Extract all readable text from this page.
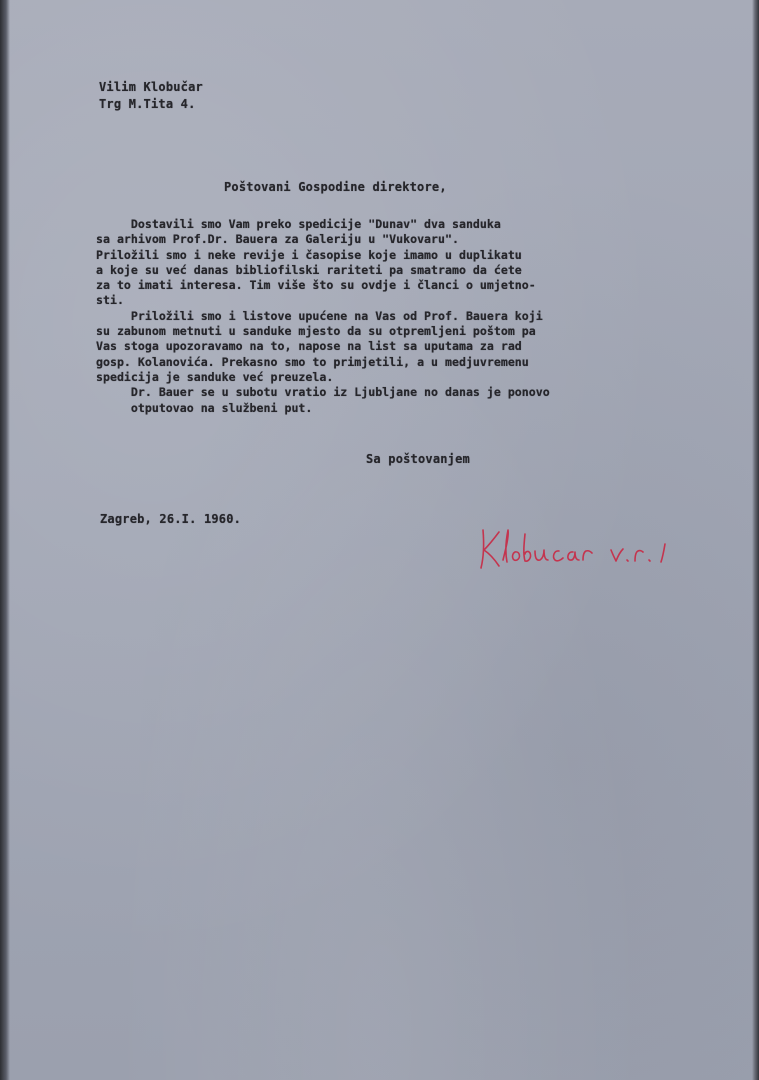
Vilim Klobučar
Trg M.Tita 4.
Poštovani Gospodine direktore,
Dostavili smo Vam preko spedicije "Dunav" dva sanduka
sa arhivom Prof.Dr. Bauera za Galeriju u "Vukovaru".
Priložili smo i neke revije i časopise koje imamo u duplikatu
a koje su već danas bibliofilski rariteti pa smatramo da ćete
za to imati interesa. Tim više što su ovdje i članci o umjetno-
sti.
Priložili smo i listove upućene na Vas od Prof. Bauera koji
su zabunom metnuti u sanduke mjesto da su otpremljeni poštom pa
Vas stoga upozoravamo na to, napose na list sa uputama za rad
gosp. Kolanovića. Prekasno smo to primjetili, a u medjuvremenu
spedicija je sanduke već preuzela.
Dr. Bauer se u subotu vratio iz Ljubljane no danas je ponovo
otputovao na službeni put.
Sa poštovanjem
Zagreb, 26.I. 1960.
